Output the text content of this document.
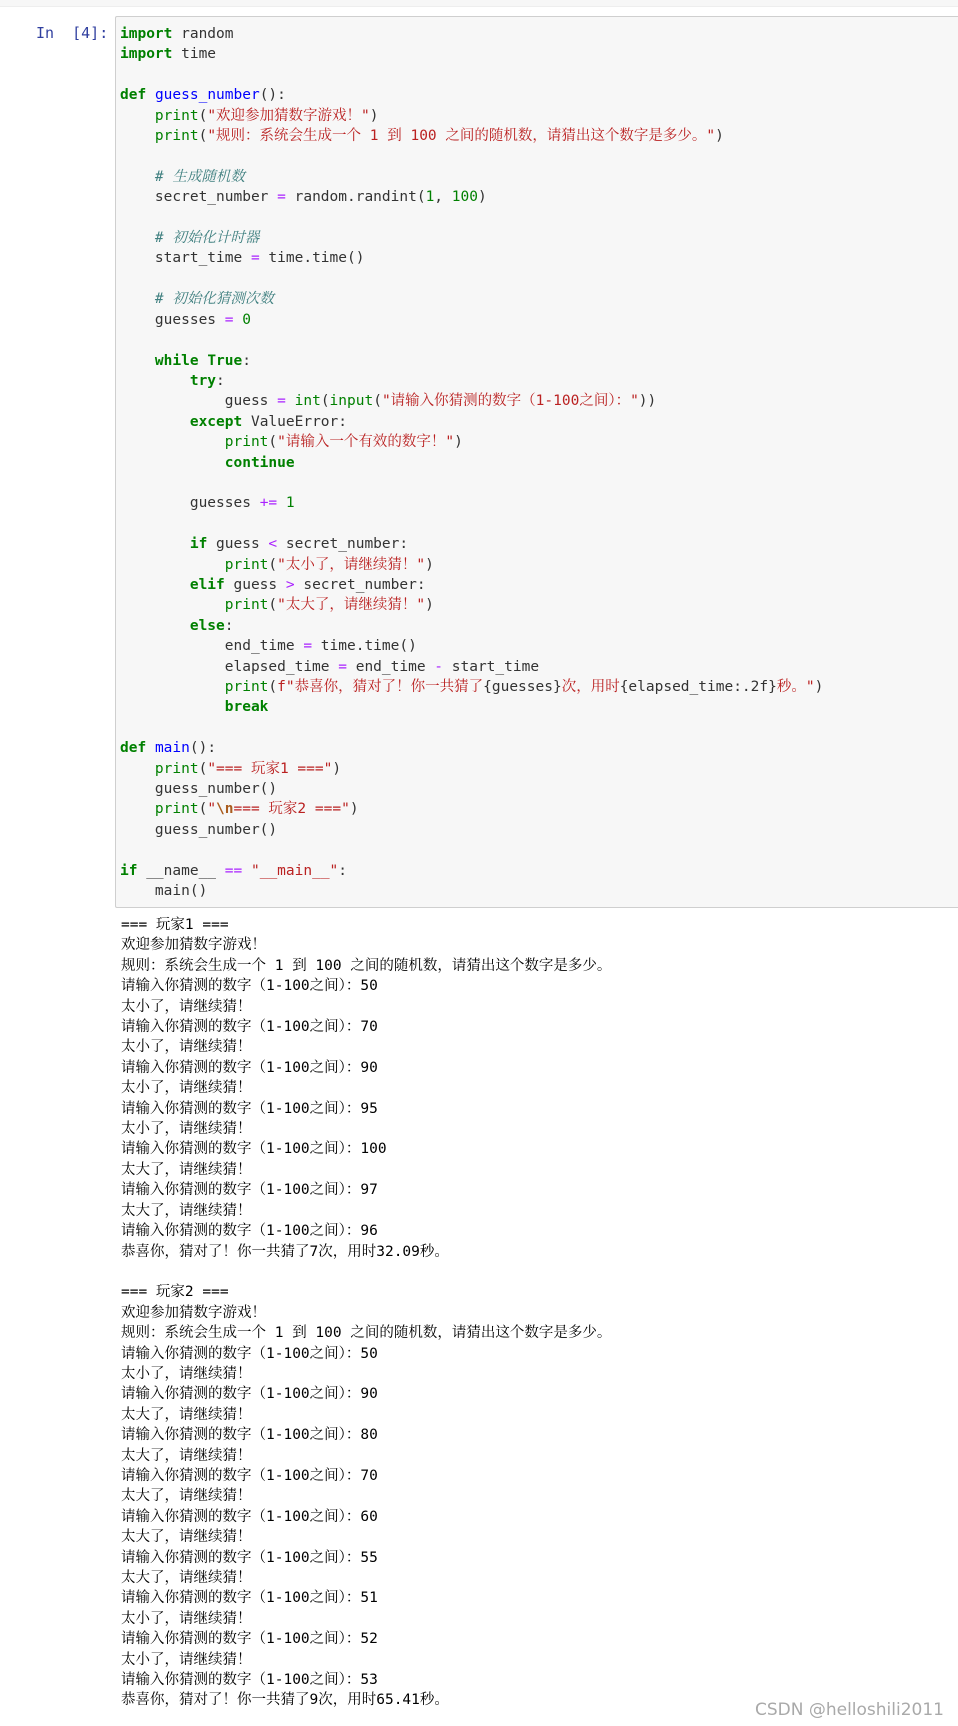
In  [4]: import random
import time

def guess_number():
print("欢迎参加猜数字游戏！")
print("规则：系统会生成一个 1 到 100 之间的随机数，请猜出这个数字是多少。")

# 生成随机数
secret_number = random.randint(1, 100)

# 初始化计时器
start_time = time.time()

# 初始化猜测次数
guesses = 0

while True:
try:
guess = int(input("请输入你猜测的数字（1-100之间）："))
except ValueError:
print("请输入一个有效的数字！")
continue

guesses += 1

if guess < secret_number:
print("太小了，请继续猜！")
elif guess > secret_number:
print("太大了，请继续猜！")
else:
end_time = time.time()
elapsed_time = end_time - start_time
print(f"恭喜你，猜对了！你一共猜了{guesses}次，用时{elapsed_time:.2f}秒。")
break

def main():
print("=== 玩家1 ===")
guess_number()
print("\n=== 玩家2 ===")
guess_number()

if __name__ == "__main__":
main()

=== 玩家1 ===
欢迎参加猜数字游戏！
规则：系统会生成一个 1 到 100 之间的随机数，请猜出这个数字是多少。
请输入你猜测的数字（1-100之间）：50
太小了，请继续猜！
请输入你猜测的数字（1-100之间）：70
太小了，请继续猜！
请输入你猜测的数字（1-100之间）：90
太小了，请继续猜！
请输入你猜测的数字（1-100之间）：95
太小了，请继续猜！
请输入你猜测的数字（1-100之间）：100
太大了，请继续猜！
请输入你猜测的数字（1-100之间）：97
太大了，请继续猜！
请输入你猜测的数字（1-100之间）：96
恭喜你，猜对了！你一共猜了7次，用时32.09秒。

=== 玩家2 ===
欢迎参加猜数字游戏！
规则：系统会生成一个 1 到 100 之间的随机数，请猜出这个数字是多少。
请输入你猜测的数字（1-100之间）：50
太小了，请继续猜！
请输入你猜测的数字（1-100之间）：90
太大了，请继续猜！
请输入你猜测的数字（1-100之间）：80
太大了，请继续猜！
请输入你猜测的数字（1-100之间）：70
太大了，请继续猜！
请输入你猜测的数字（1-100之间）：60
太大了，请继续猜！
请输入你猜测的数字（1-100之间）：55
太大了，请继续猜！
请输入你猜测的数字（1-100之间）：51
太小了，请继续猜！
请输入你猜测的数字（1-100之间）：52
太小了，请继续猜！
请输入你猜测的数字（1-100之间）：53
恭喜你，猜对了！你一共猜了9次，用时65.41秒。	CSDN @helloshili2011
